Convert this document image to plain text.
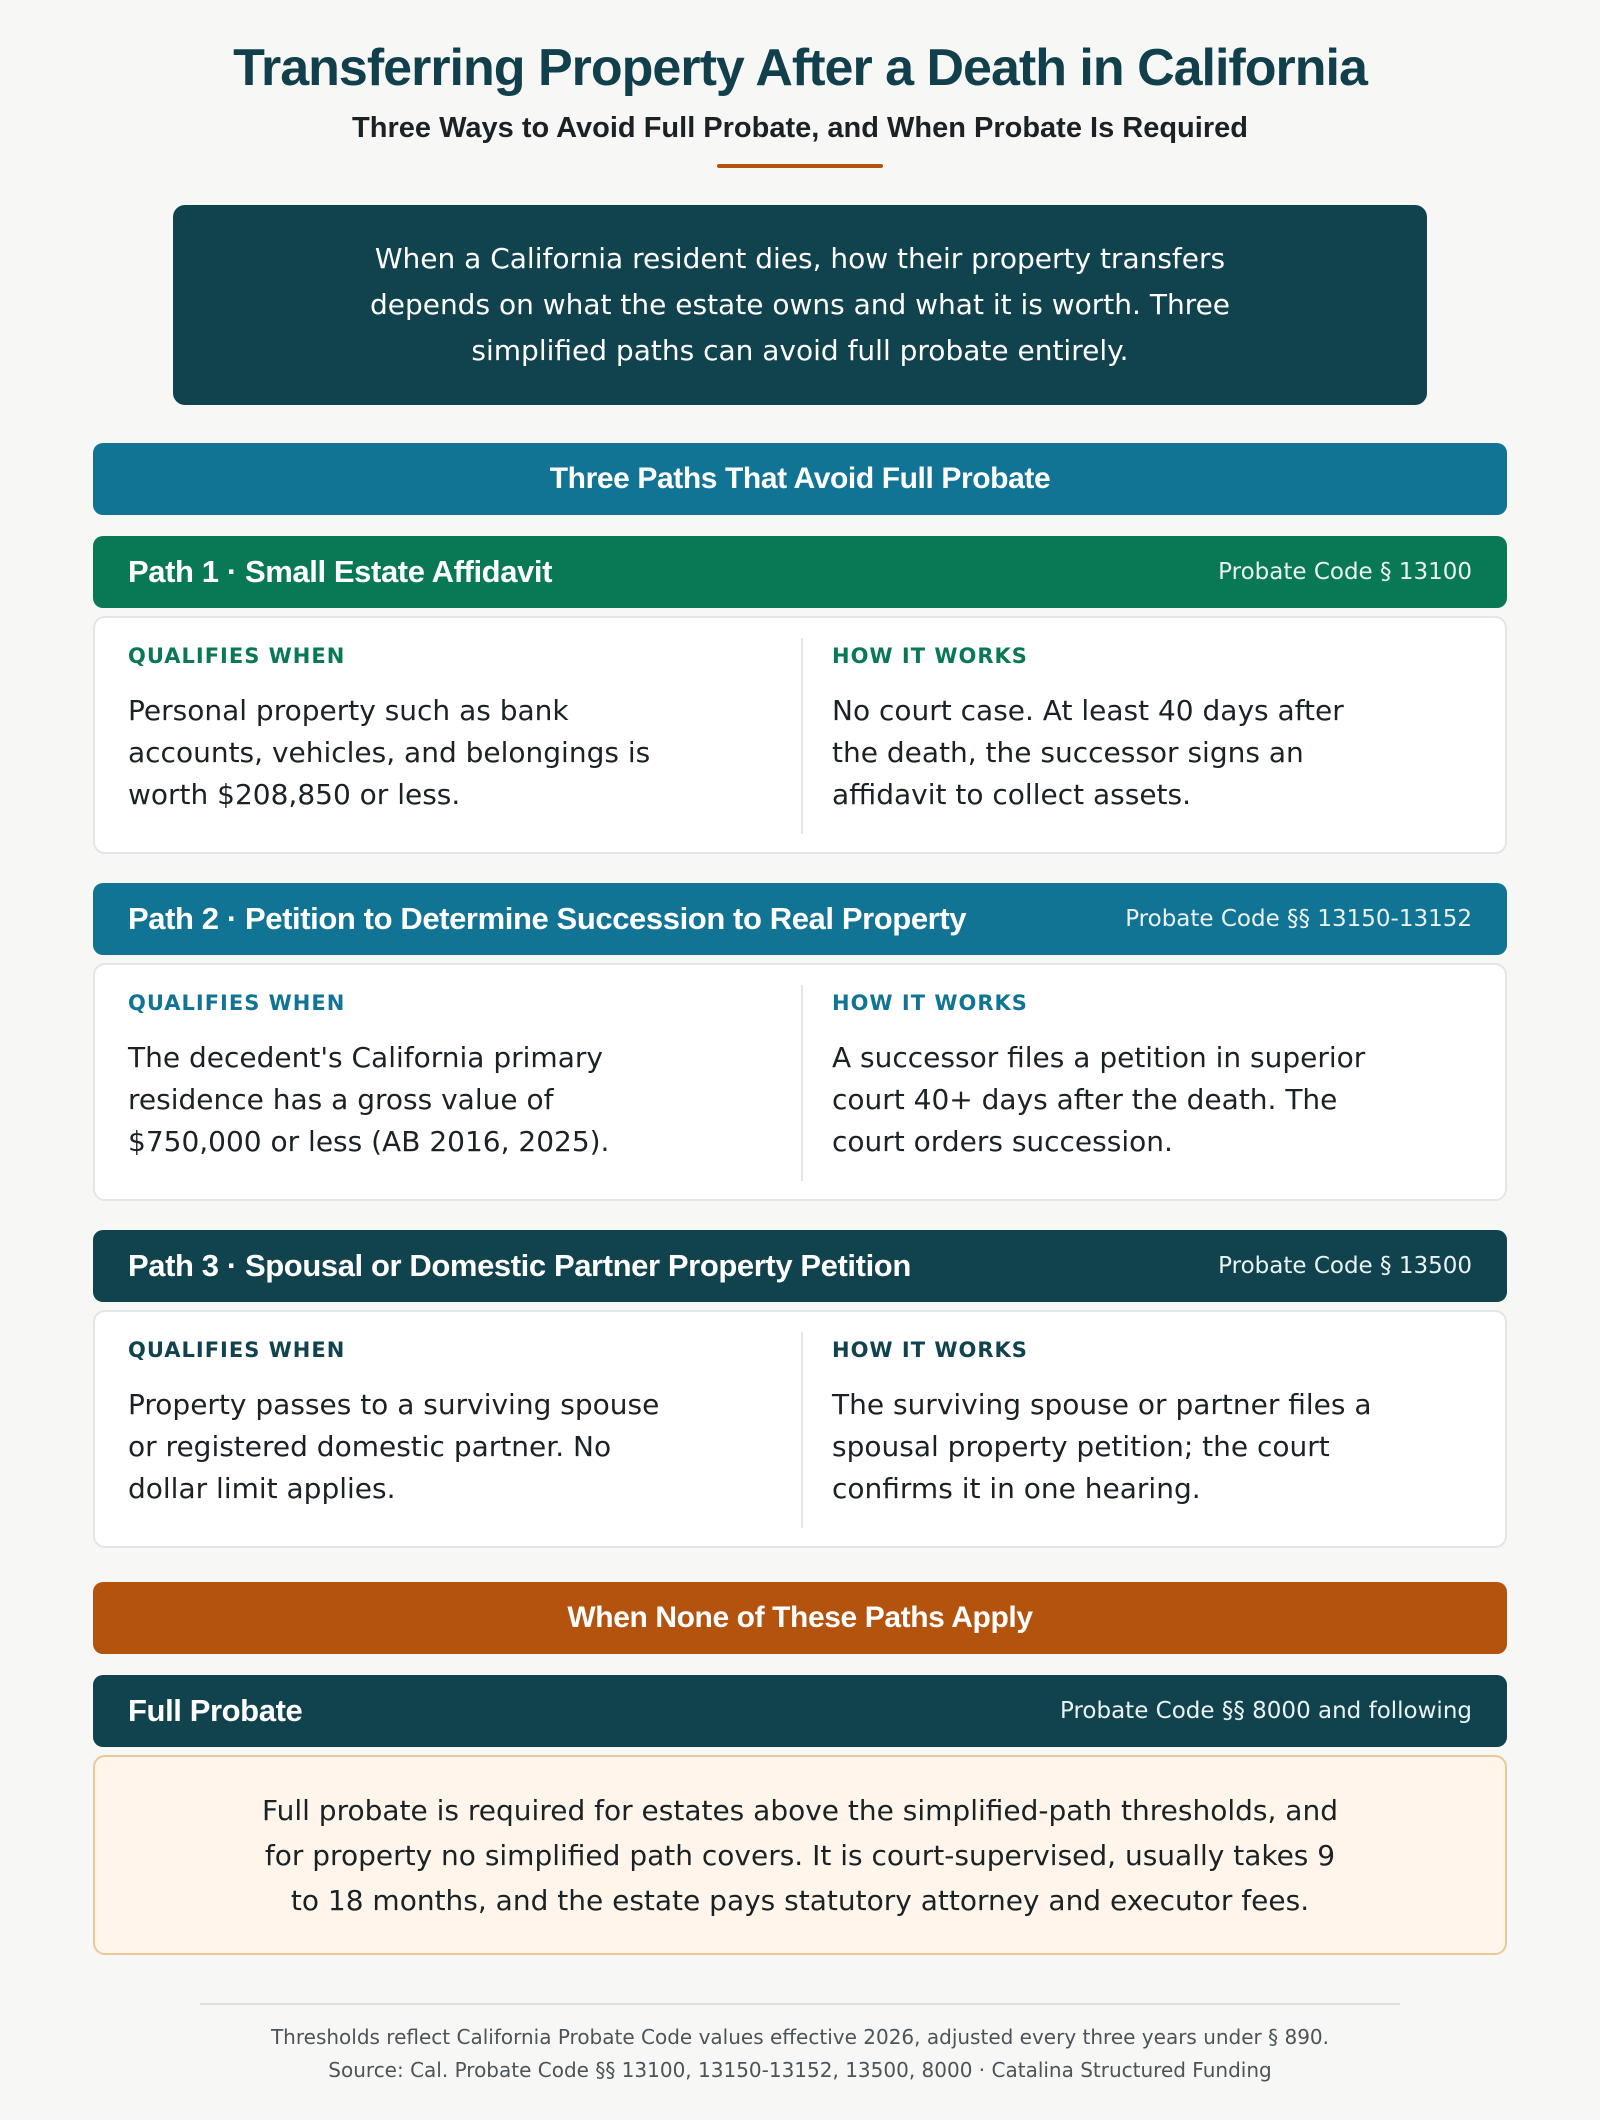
Transferring Property After a Death in California
Three Ways to Avoid Full Probate, and When Probate Is Required

When a California resident dies, how their property transfers depends on what the estate owns and what it is worth. Three simplified paths can avoid full probate entirely.

Three Paths That Avoid Full Probate
Path 1 · Small Estate Affidavit	Probate Code § 13100
QUALIFIES WHEN
Personal property such as bank accounts, vehicles, and belongings is worth $208,850 or less.
HOW IT WORKS
No court case. At least 40 days after the death, the successor signs an affidavit to collect assets.
Path 2 · Petition to Determine Succession to Real Property	Probate Code §§ 13150-13152
QUALIFIES WHEN
The decedent's California primary residence has a gross value of $750,000 or less (AB 2016, 2025).
HOW IT WORKS
A successor files a petition in superior court 40+ days after the death. The court orders succession.
Path 3 · Spousal or Domestic Partner Property Petition	Probate Code § 13500
QUALIFIES WHEN
Property passes to a surviving spouse or registered domestic partner. No dollar limit applies.
HOW IT WORKS
The surviving spouse or partner files a spousal property petition; the court confirms it in one hearing.
When None of These Paths Apply
Full Probate	Probate Code §§ 8000 and following

Full probate is required for estates above the simplified-path thresholds, and for property no simplified path covers. It is court-supervised, usually takes 9 to 18 months, and the estate pays statutory attorney and executor fees.

Thresholds reflect California Probate Code values effective 2026, adjusted every three years under § 890.
Source: Cal. Probate Code §§ 13100, 13150-13152, 13500, 8000 · Catalina Structured Funding
